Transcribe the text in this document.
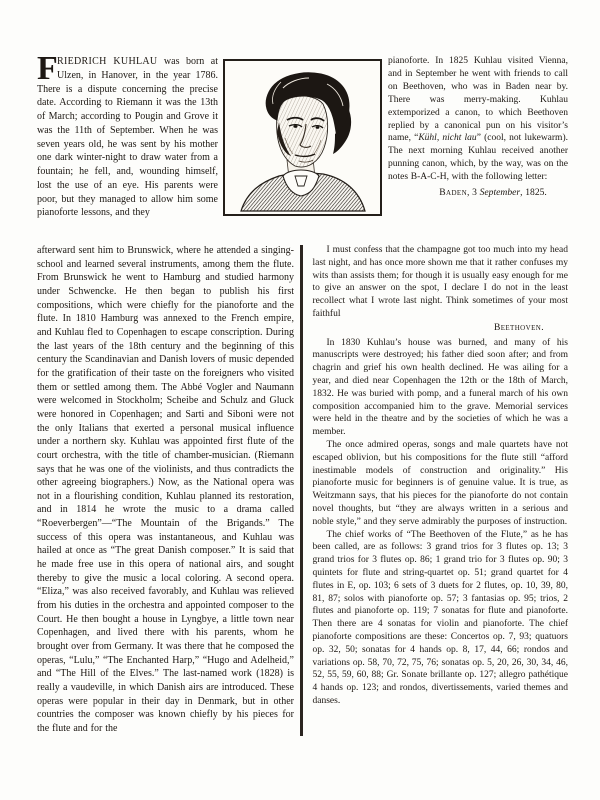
FRIEDRICH KUHLAU was born at Ulzen, in Hanover, in the year 1786. There is a dispute concerning the precise date. According to Riemann it was the 13th of March; according to Pougin and Grove it was the 11th of September. When he was seven years old, he was sent by his mother one dark winter-night to draw water from a fountain; he fell, and, wounding himself, lost the use of an eye. His parents were poor, but they managed to allow him some pianoforte lessons, and they
pianoforte. In 1825 Kuhlau visited Vienna, and in September he went with friends to call on Beethoven, who was in Baden near by. There was merry-making. Kuhlau extemporized a canon, to which Beethoven replied by a canonical pun on his visitor’s name, “Kühl, nicht lau” (cool, not lukewarm). The next morning Kuhlau received another punning canon, which, by the way, was on the notes B-A-C-H, with the following letter:
Baden, 3 September, 1825.
afterward sent him to Brunswick, where he attended a singing-school and learned several instruments, among them the flute. From Brunswick he went to Hamburg and studied harmony under Schwencke. He then began to publish his first compositions, which were chiefly for the pianoforte and the flute. In 1810 Hamburg was annexed to the French empire, and Kuhlau fled to Copenhagen to escape conscription. During the last years of the 18th century and the beginning of this century the Scandinavian and Danish lovers of music depended for the gratification of their taste on the foreigners who visited them or settled among them. The Abbé Vogler and Naumann were welcomed in Stockholm; Scheibe and Schulz and Gluck were honored in Copenhagen; and Sarti and Siboni were not the only Italians that exerted a personal musical influence under a northern sky. Kuhlau was appointed first flute of the court orchestra, with the title of chamber-musician. (Riemann says that he was one of the violinists, and thus contradicts the other agreeing biographers.) Now, as the National opera was not in a flourishing condition, Kuhlau planned its restoration, and in 1814 he wrote the music to a drama called “Roeverbergen”—“The Mountain of the Brigands.” The success of this opera was instantaneous, and Kuhlau was hailed at once as “The great Danish composer.” It is said that he made free use in this opera of national airs, and sought thereby to give the music a local coloring. A second opera. “Eliza,” was also received favorably, and Kuhlau was relieved from his duties in the orchestra and appointed composer to the Court. He then bought a house in Lyngbye, a little town near Copenhagen, and lived there with his parents, whom he brought over from Germany. It was there that he composed the operas, “Lulu,” “The Enchanted Harp,” “Hugo and Adelheid,” and “The Hill of the Elves.” The last-named work (1828) is really a vaudeville, in which Danish airs are introduced. These operas were popular in their day in Denmark, but in other countries the composer was known chiefly by his pieces for the flute and for the

I must confess that the champagne got too much into my head last night, and has once more shown me that it rather confuses my wits than assists them; for though it is usually easy enough for me to give an answer on the spot, I declare I do not in the least recollect what I wrote last night. Think sometimes of your most faithful

Beethoven.

In 1830 Kuhlau’s house was burned, and many of his manuscripts were destroyed; his father died soon after; and from chagrin and grief his own health declined. He was ailing for a year, and died near Copenhagen the 12th or the 18th of March, 1832. He was buried with pomp, and a funeral march of his own composition accompanied him to the grave. Memorial services were held in the theatre and by the societies of which he was a member.

The once admired operas, songs and male quartets have not escaped oblivion, but his compositions for the flute still “afford inestimable models of construction and originality.” His pianoforte music for beginners is of genuine value. It is true, as Weitzmann says, that his pieces for the pianoforte do not contain novel thoughts, but “they are always written in a serious and noble style,” and they serve admirably the purposes of instruction.

The chief works of “The Beethoven of the Flute,” as he has been called, are as follows: 3 grand trios for 3 flutes op. 13; 3 grand trios for 3 flutes op. 86; 1 grand trio for 3 flutes op. 90; 3 quintets for flute and string-quartet op. 51; grand quartet for 4 flutes in E, op. 103; 6 sets of 3 duets for 2 flutes, op. 10, 39, 80, 81, 87; solos with pianoforte op. 57; 3 fantasias op. 95; trios, 2 flutes and pianoforte op. 119; 7 sonatas for flute and pianoforte. Then there are 4 sonatas for violin and pianoforte. The chief pianoforte compositions are these: Concertos op. 7, 93; quatuors op. 32, 50; sonatas for 4 hands op. 8, 17, 44, 66; rondos and variations op. 58, 70, 72, 75, 76; sonatas op. 5, 20, 26, 30, 34, 46, 52, 55, 59, 60, 88; Gr. Sonate brillante op. 127; allegro pathétique 4 hands op. 123; and rondos, divertissements, varied themes and danses.
